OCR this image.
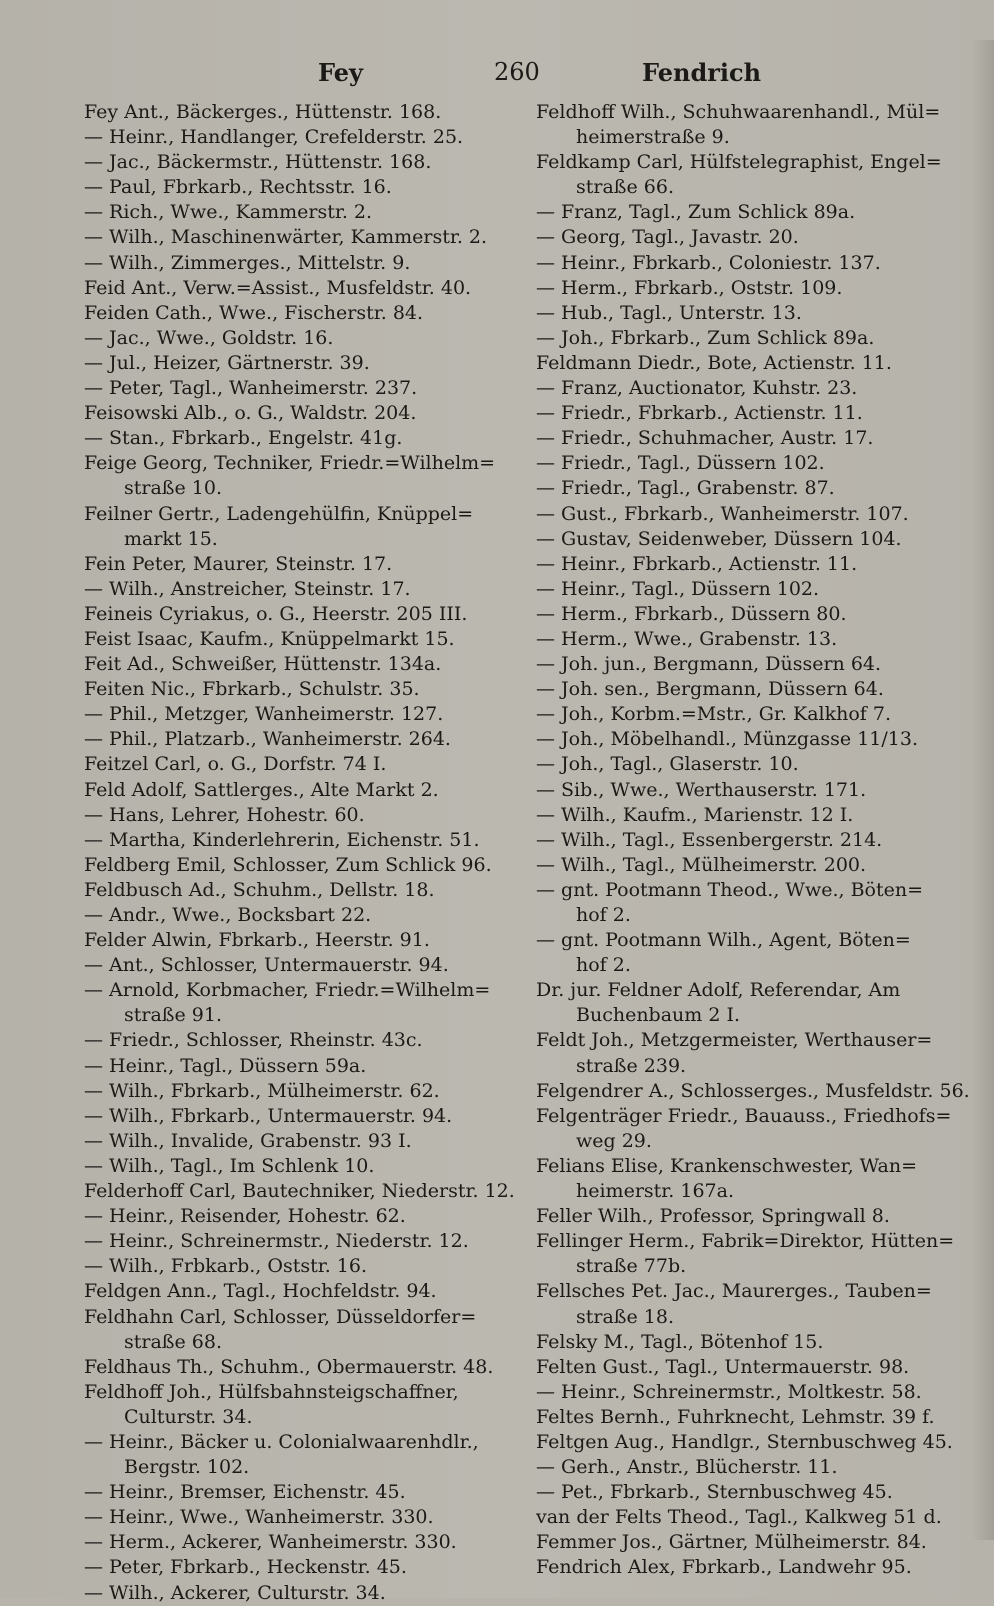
Fey	260	Fendrich
Fey Ant., Bäckerges., Hüttenstr. 168.
— Heinr., Handlanger, Crefelderstr. 25.
— Jac., Bäckermstr., Hüttenstr. 168.
— Paul, Fbrkarb., Rechtsstr. 16.
— Rich., Wwe., Kammerstr. 2.
— Wilh., Maschinenwärter, Kammerstr. 2.
— Wilh., Zimmerges., Mittelstr. 9.
Feid Ant., Verw.=Assist., Musfeldstr. 40.
Feiden Cath., Wwe., Fischerstr. 84.
— Jac., Wwe., Goldstr. 16.
— Jul., Heizer, Gärtnerstr. 39.
— Peter, Tagl., Wanheimerstr. 237.
Feisowski Alb., o. G., Waldstr. 204.
— Stan., Fbrkarb., Engelstr. 41g.
Feige Georg, Techniker, Friedr.=Wilhelm=
straße 10.
Feilner Gertr., Ladengehülfin, Knüppel=
markt 15.
Fein Peter, Maurer, Steinstr. 17.
— Wilh., Anstreicher, Steinstr. 17.
Feineis Cyriakus, o. G., Heerstr. 205 III.
Feist Isaac, Kaufm., Knüppelmarkt 15.
Feit Ad., Schweißer, Hüttenstr. 134a.
Feiten Nic., Fbrkarb., Schulstr. 35.
— Phil., Metzger, Wanheimerstr. 127.
— Phil., Platzarb., Wanheimerstr. 264.
Feitzel Carl, o. G., Dorfstr. 74 I.
Feld Adolf, Sattlerges., Alte Markt 2.
— Hans, Lehrer, Hohestr. 60.
— Martha, Kinderlehrerin, Eichenstr. 51.
Feldberg Emil, Schlosser, Zum Schlick 96.
Feldbusch Ad., Schuhm., Dellstr. 18.
— Andr., Wwe., Bocksbart 22.
Felder Alwin, Fbrkarb., Heerstr. 91.
— Ant., Schlosser, Untermauerstr. 94.
— Arnold, Korbmacher, Friedr.=Wilhelm=
straße 91.
— Friedr., Schlosser, Rheinstr. 43c.
— Heinr., Tagl., Düssern 59a.
— Wilh., Fbrkarb., Mülheimerstr. 62.
— Wilh., Fbrkarb., Untermauerstr. 94.
— Wilh., Invalide, Grabenstr. 93 I.
— Wilh., Tagl., Im Schlenk 10.
Felderhoff Carl, Bautechniker, Niederstr. 12.
— Heinr., Reisender, Hohestr. 62.
— Heinr., Schreinermstr., Niederstr. 12.
— Wilh., Frbkarb., Oststr. 16.
Feldgen Ann., Tagl., Hochfeldstr. 94.
Feldhahn Carl, Schlosser, Düsseldorfer=
straße 68.
Feldhaus Th., Schuhm., Obermauerstr. 48.
Feldhoff Joh., Hülfsbahnsteigschaffner,
Culturstr. 34.
— Heinr., Bäcker u. Colonialwaarenhdlr.,
Bergstr. 102.
— Heinr., Bremser, Eichenstr. 45.
— Heinr., Wwe., Wanheimerstr. 330.
— Herm., Ackerer, Wanheimerstr. 330.
— Peter, Fbrkarb., Heckenstr. 45.
— Wilh., Ackerer, Culturstr. 34.
Feldhoff Wilh., Schuhwaarenhandl., Mül=
heimerstraße 9.
Feldkamp Carl, Hülfstelegraphist, Engel=
straße 66.
— Franz, Tagl., Zum Schlick 89a.
— Georg, Tagl., Javastr. 20.
— Heinr., Fbrkarb., Coloniestr. 137.
— Herm., Fbrkarb., Oststr. 109.
— Hub., Tagl., Unterstr. 13.
— Joh., Fbrkarb., Zum Schlick 89a.
Feldmann Diedr., Bote, Actienstr. 11.
— Franz, Auctionator, Kuhstr. 23.
— Friedr., Fbrkarb., Actienstr. 11.
— Friedr., Schuhmacher, Austr. 17.
— Friedr., Tagl., Düssern 102.
— Friedr., Tagl., Grabenstr. 87.
— Gust., Fbrkarb., Wanheimerstr. 107.
— Gustav, Seidenweber, Düssern 104.
— Heinr., Fbrkarb., Actienstr. 11.
— Heinr., Tagl., Düssern 102.
— Herm., Fbrkarb., Düssern 80.
— Herm., Wwe., Grabenstr. 13.
— Joh. jun., Bergmann, Düssern 64.
— Joh. sen., Bergmann, Düssern 64.
— Joh., Korbm.=Mstr., Gr. Kalkhof 7.
— Joh., Möbelhandl., Münzgasse 11/13.
— Joh., Tagl., Glaserstr. 10.
— Sib., Wwe., Werthauserstr. 171.
— Wilh., Kaufm., Marienstr. 12 I.
— Wilh., Tagl., Essenbergerstr. 214.
— Wilh., Tagl., Mülheimerstr. 200.
— gnt. Pootmann Theod., Wwe., Böten=
hof 2.
— gnt. Pootmann Wilh., Agent, Böten=
hof 2.
Dr. jur. Feldner Adolf, Referendar, Am
Buchenbaum 2 I.
Feldt Joh., Metzgermeister, Werthauser=
straße 239.
Felgendrer A., Schlosserges., Musfeldstr. 56.
Felgenträger Friedr., Bauauss., Friedhofs=
weg 29.
Felians Elise, Krankenschwester, Wan=
heimerstr. 167a.
Feller Wilh., Professor, Springwall 8.
Fellinger Herm., Fabrik=Direktor, Hütten=
straße 77b.
Fellsches Pet. Jac., Maurerges., Tauben=
straße 18.
Felsky M., Tagl., Bötenhof 15.
Felten Gust., Tagl., Untermauerstr. 98.
— Heinr., Schreinermstr., Moltkestr. 58.
Feltes Bernh., Fuhrknecht, Lehmstr. 39 f.
Feltgen Aug., Handlgr., Sternbuschweg 45.
— Gerh., Anstr., Blücherstr. 11.
— Pet., Fbrkarb., Sternbuschweg 45.
van der Felts Theod., Tagl., Kalkweg 51 d.
Femmer Jos., Gärtner, Mülheimerstr. 84.
Fendrich Alex, Fbrkarb., Landwehr 95.
